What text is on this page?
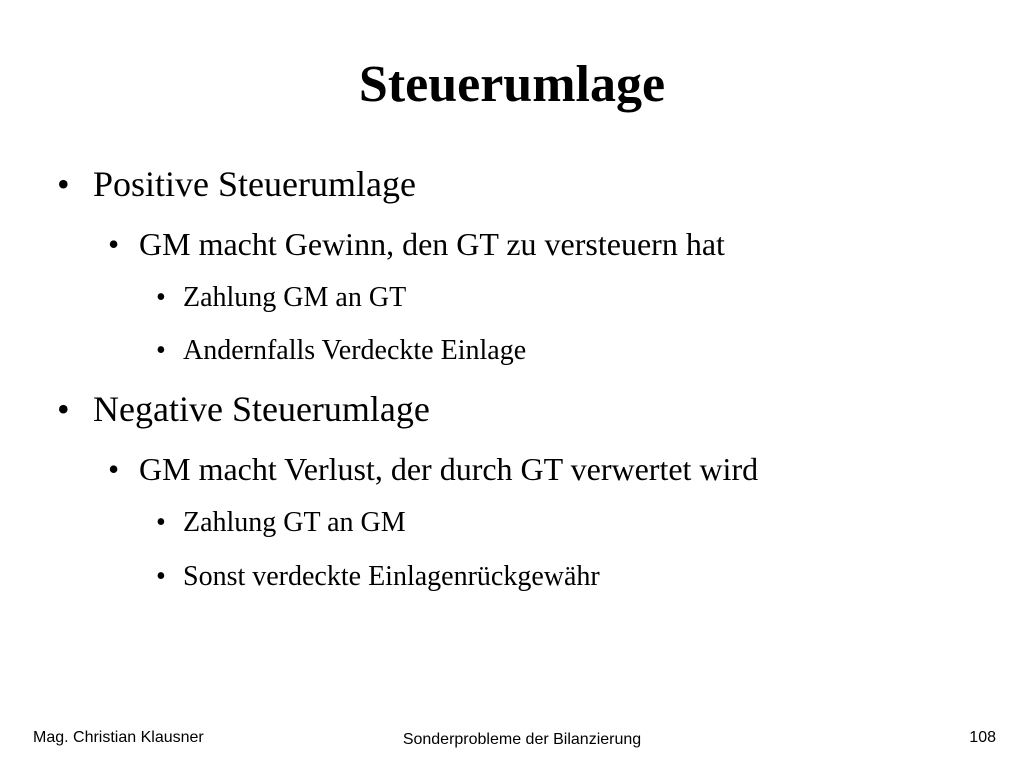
Steuerumlage
• Positive Steuerumlage
• GM macht Gewinn, den GT zu versteuern hat
• Zahlung GM an GT
• Andernfalls Verdeckte Einlage
• Negative Steuerumlage
• GM macht Verlust, der durch GT verwertet wird
• Zahlung GT an GM
• Sonst verdeckte Einlagenrückgewähr
Mag. Christian Klausner	Sonderprobleme der Bilanzierung	108
